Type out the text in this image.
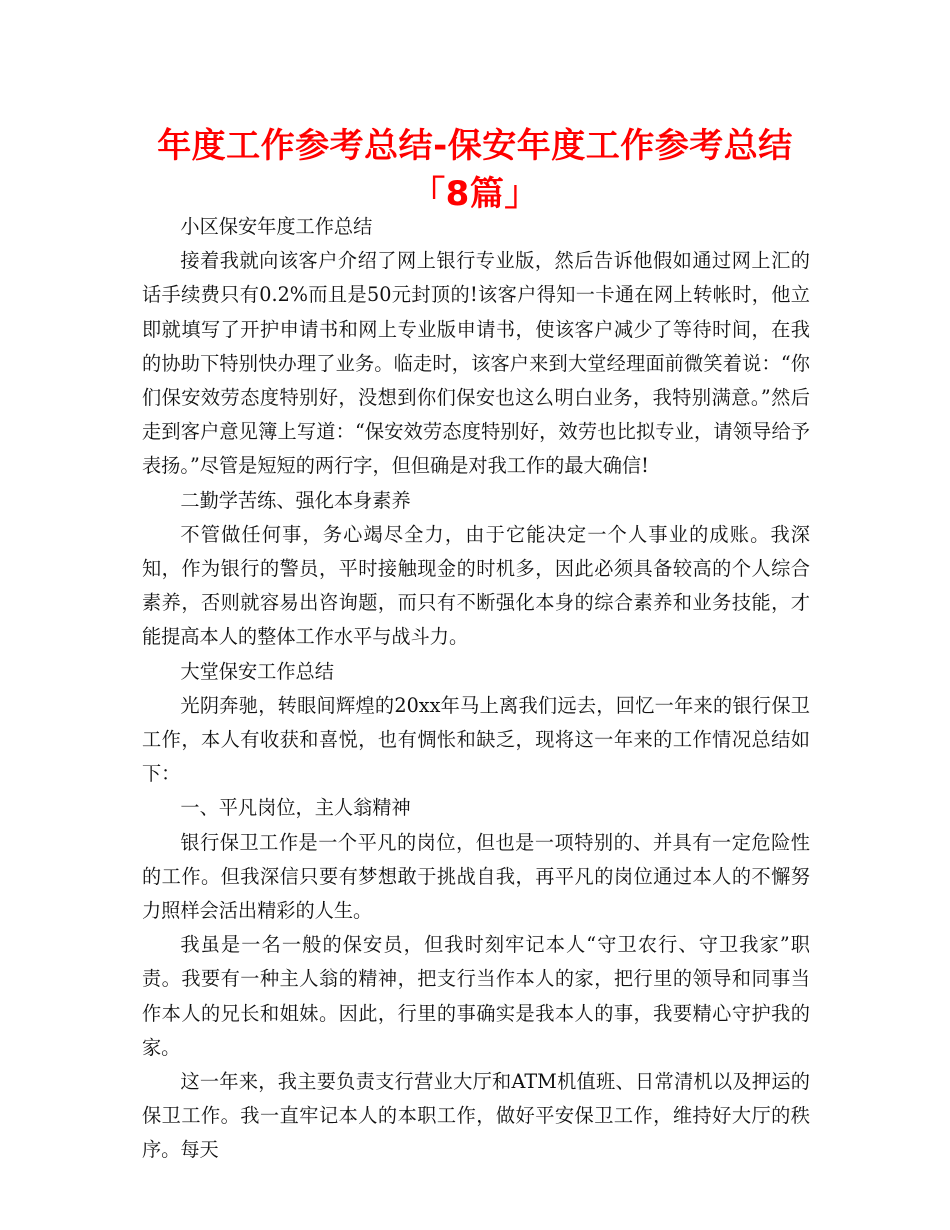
年度工作参考总结-保安年度工作参考总结「8篇」

小区保安年度工作总结

接着我就向该客户介绍了网上银行专业版，然后告诉他假如通过网上汇的话手续费只有0.2%而且是50元封顶的!该客户得知一卡通在网上转帐时，他立即就填写了开护申请书和网上专业版申请书，使该客户减少了等待时间，在我的协助下特别快办理了业务。临走时，该客户来到大堂经理面前微笑着说：“你们保安效劳态度特别好，没想到你们保安也这么明白业务，我特别满意。”然后走到客户意见簿上写道：“保安效劳态度特别好，效劳也比拟专业，请领导给予表扬。”尽管是短短的两行字，但但确是对我工作的最大确信!

二勤学苦练、强化本身素养

不管做任何事，务心竭尽全力，由于它能决定一个人事业的成账。我深知，作为银行的警员，平时接触现金的时机多，因此必须具备较高的个人综合素养，否则就容易出咨询题，而只有不断强化本身的综合素养和业务技能，才能提高本人的整体工作水平与战斗力。

大堂保安工作总结

光阴奔驰，转眼间辉煌的20xx年马上离我们远去，回忆一年来的银行保卫工作，本人有收获和喜悦，也有惆怅和缺乏，现将这一年来的工作情况总结如下：

一、平凡岗位，主人翁精神

银行保卫工作是一个平凡的岗位，但也是一项特别的、并具有一定危险性的工作。但我深信只要有梦想敢于挑战自我，再平凡的岗位通过本人的不懈努力照样会活出精彩的人生。

我虽是一名一般的保安员，但我时刻牢记本人“守卫农行、守卫我家”职责。我要有一种主人翁的精神，把支行当作本人的家，把行里的领导和同事当作本人的兄长和姐妹。因此，行里的事确实是我本人的事，我要精心守护我的家。

这一年来，我主要负责支行营业大厅和ATM机值班、日常清机以及押运的保卫工作。我一直牢记本人的本职工作，做好平安保卫工作，维持好大厅的秩序。每天
